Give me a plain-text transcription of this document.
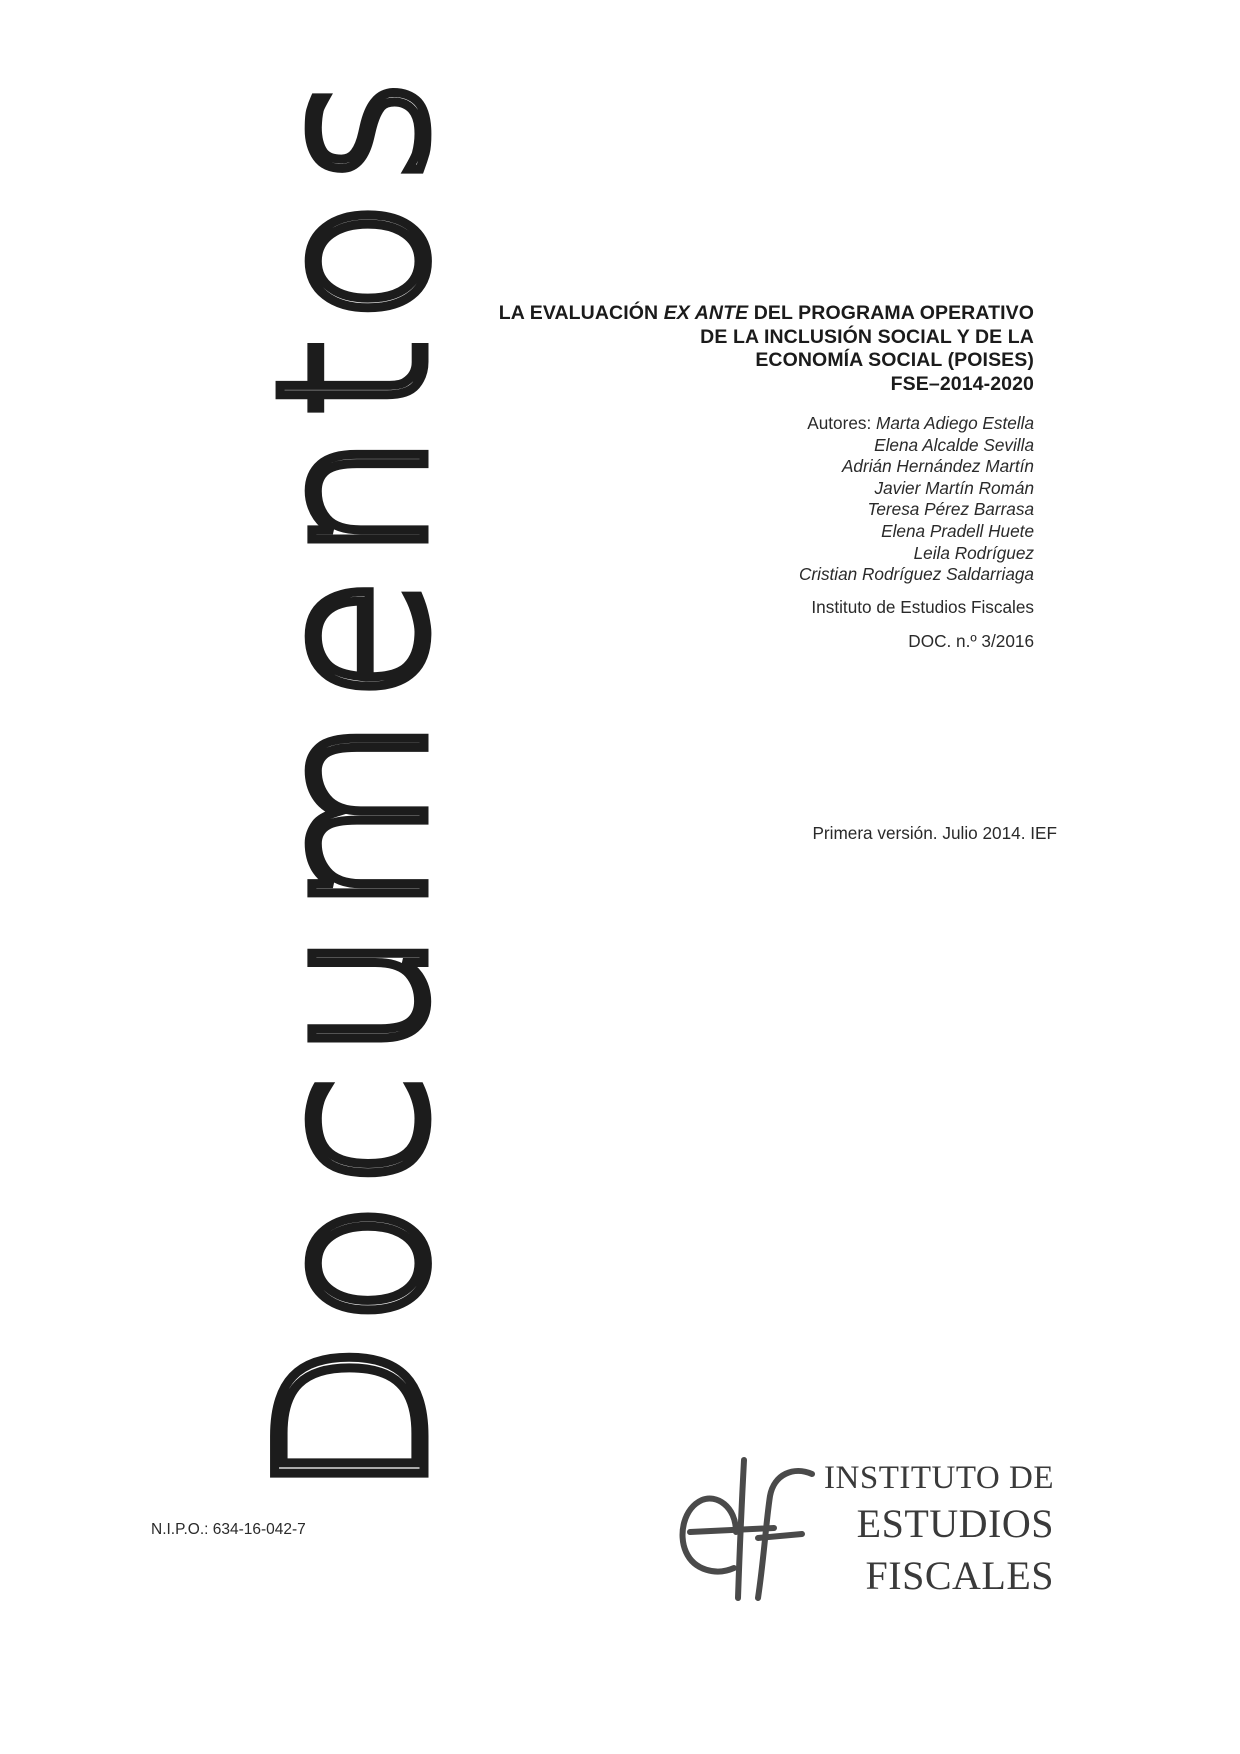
Documentos	LA EVALUACIÓN EX ANTE DEL PROGRAMA OPERATIVO
DE LA INCLUSIÓN SOCIAL Y DE LA
ECONOMÍA SOCIAL (POISES)
FSE–2014-2020
Autores: Marta Adiego Estella
Elena Alcalde Sevilla
Adrián Hernández Martín
Javier Martín Román
Teresa Pérez Barrasa
Elena Pradell Huete
Leila Rodríguez
Cristian Rodríguez Saldarriaga
Instituto de Estudios Fiscales
DOC. n.º 3/2016
Primera versión. Julio 2014. IEF
N.I.P.O.: 634-16-042-7
INSTITUTO DE
ESTUDIOS
FISCALES
